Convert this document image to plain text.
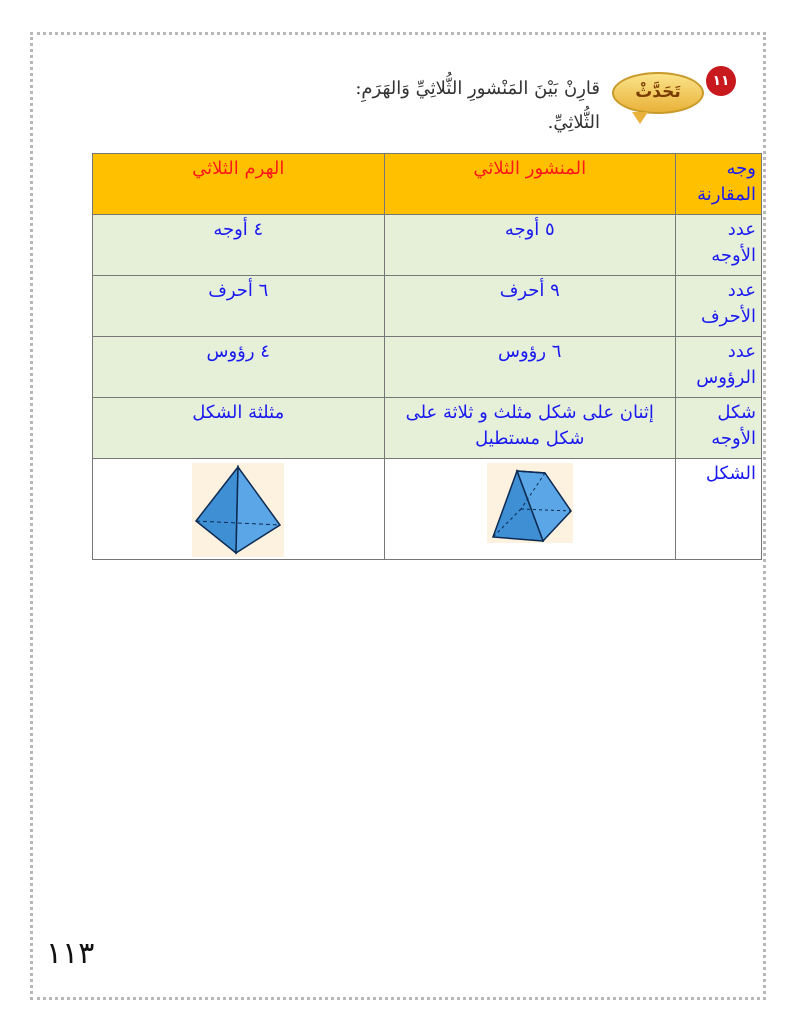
١١
تَحَدَّثْ
قارِنْ بَيْنَ المَنْشورِ الثُّلاثِيِّ وَالهَرَمِ:
الثُّلاثِيِّ.
وجه المقارنة	المنشور الثلاثي	الهرم الثلاثي
عدد الأوجه	٥ أوجه	٤ أوجه
عدد الأحرف	٩ أحرف	٦ أحرف
عدد الرؤوس	٦ رؤوس	٤ رؤوس
شكل الأوجه	إثنان على شكل مثلث و ثلاثة على شكل مستطيل	مثلثة الشكل
الشكل	

١١٣
